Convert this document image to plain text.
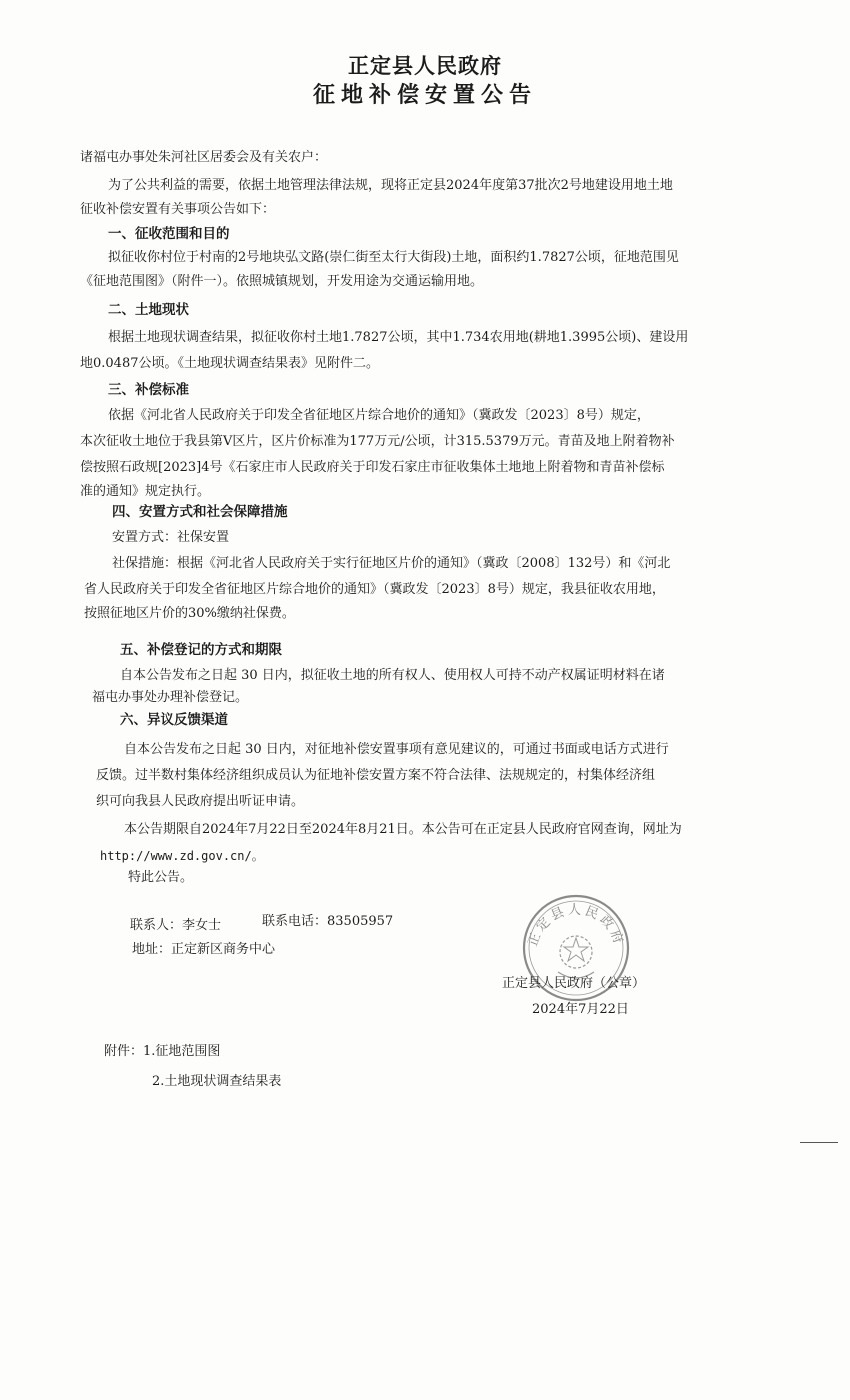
正定县人民政府
征地补偿安置公告
诸福屯办事处朱河社区居委会及有关农户：
为了公共利益的需要，依据土地管理法律法规，现将正定县2024年度第37批次2号地建设用地土地
征收补偿安置有关事项公告如下：
一、征收范围和目的
拟征收你村位于村南的2号地块弘文路(崇仁街至太行大街段)土地，面积约1.7827公顷，征地范围见
《征地范围图》（附件一）。依照城镇规划，开发用途为交通运输用地。
二、土地现状
根据土地现状调查结果，拟征收你村土地1.7827公顷，其中1.734农用地(耕地1.3995公顷)、建设用
地0.0487公顷。《土地现状调查结果表》见附件二。
三、补偿标准
依据《河北省人民政府关于印发全省征地区片综合地价的通知》（冀政发〔2023〕8号）规定，
本次征收土地位于我县第Ⅴ区片，区片价标准为177万元/公顷，计315.5379万元。青苗及地上附着物补
偿按照石政规[2023]4号《石家庄市人民政府关于印发石家庄市征收集体土地地上附着物和青苗补偿标
准的通知》规定执行。
四、安置方式和社会保障措施
安置方式：社保安置
社保措施：根据《河北省人民政府关于实行征地区片价的通知》（冀政〔2008〕132号）和《河北
省人民政府关于印发全省征地区片综合地价的通知》（冀政发〔2023〕8号）规定，我县征收农用地，
按照征地区片价的30%缴纳社保费。
五、补偿登记的方式和期限
自本公告发布之日起 30 日内，拟征收土地的所有权人、使用权人可持不动产权属证明材料在诸
福屯办事处办理补偿登记。
六、异议反馈渠道
自本公告发布之日起 30 日内，对征地补偿安置事项有意见建议的，可通过书面或电话方式进行
反馈。过半数村集体经济组织成员认为征地补偿安置方案不符合法律、法规规定的，村集体经济组
织可向我县人民政府提出听证申请。
本公告期限自2024年7月22日至2024年8月21日。本公告可在正定县人民政府官网查询，网址为
http://www.zd.gov.cn/。
特此公告。
联系人：李女士	联系电话：83505957
地址：正定新区商务中心
正定县人民政府
正定县人民政府（公章）
2024年7月22日
附件：1.征地范围图
2.土地现状调查结果表
